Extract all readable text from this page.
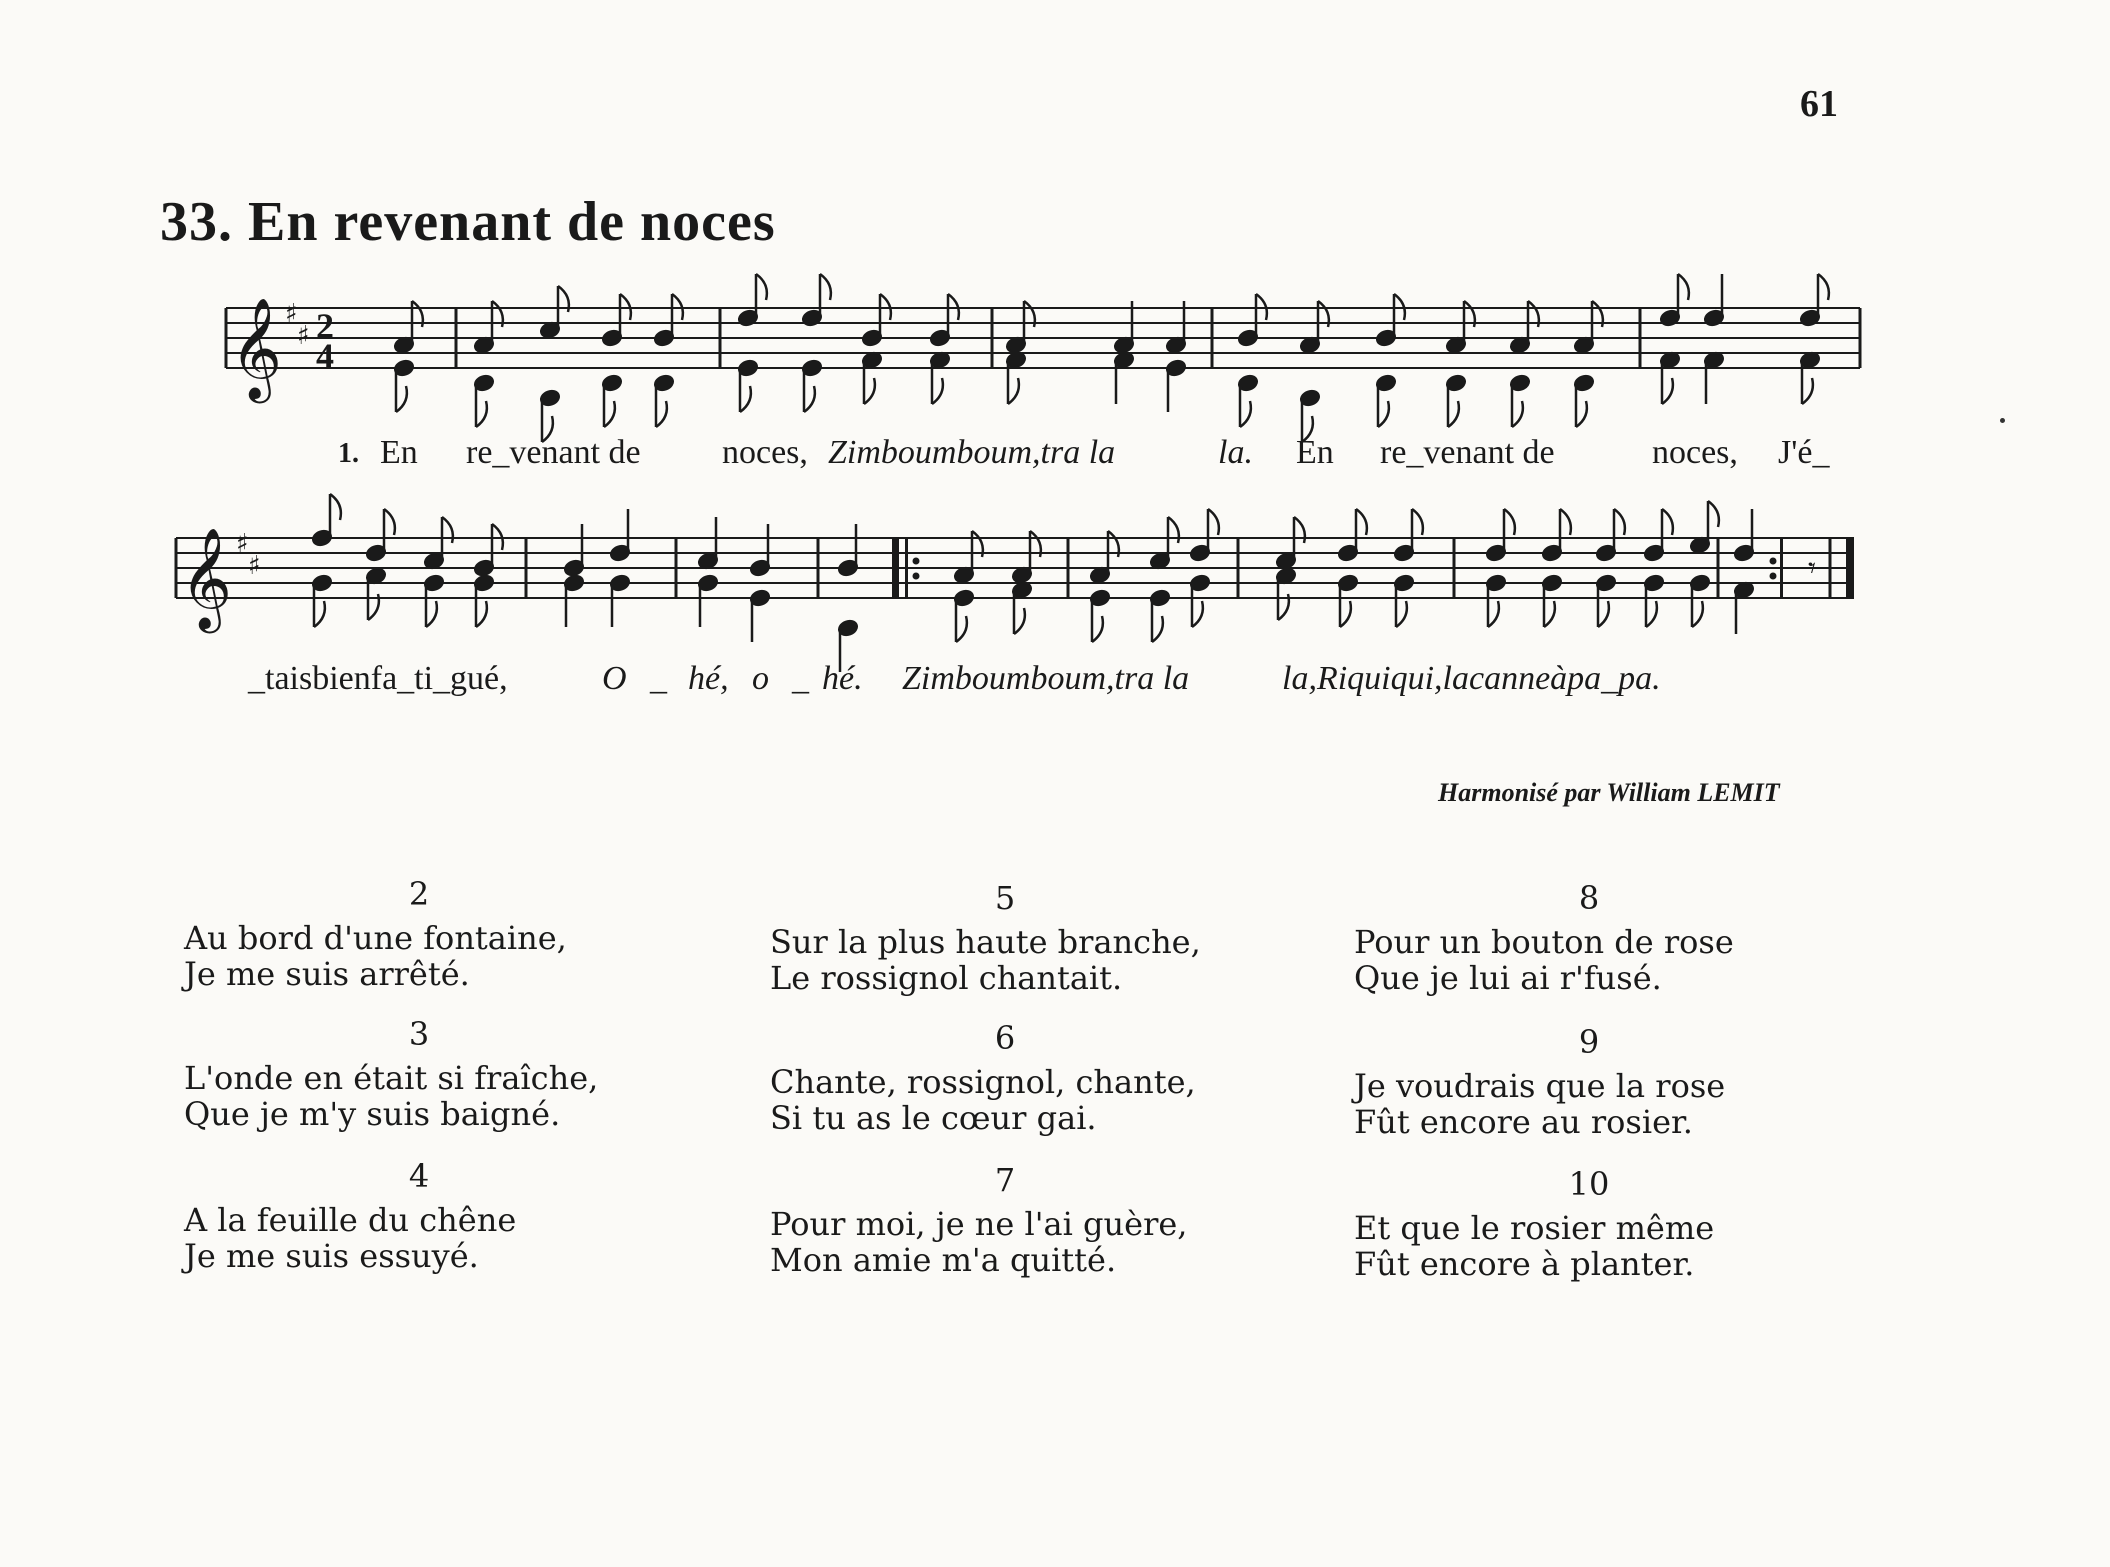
61
33. En revenant de noces
𝄞 ♯
♯ 2
4
𝄞 ♯
♯	𝄾
1. En re_venant de noces, Zimboumboum,tra la	la. En re_venant de	noces, J'é_
_taisbienfa_ti_gué,	O _ hé, o _ hé. Zimboumboum,tra la	la,Riquiqui,lacanneàpa_pa.
Harmonisé par William LEMIT
2
Au bord d'une fontaine,
Je me suis arrêté.
3
L'onde en était si fraîche,
Que je m'y suis baigné.
4
A la feuille du chêne
Je me suis essuyé.
5
Sur la plus haute branche,
Le rossignol chantait.
6
Chante, rossignol, chante,
Si tu as le cœur gai.
7
Pour moi, je ne l'ai guère,
Mon amie m'a quitté.
8
Pour un bouton de rose
Que je lui ai r'fusé.
9
Je voudrais que la rose
Fût encore au rosier.
10
Et que le rosier même
Fût encore à planter.
